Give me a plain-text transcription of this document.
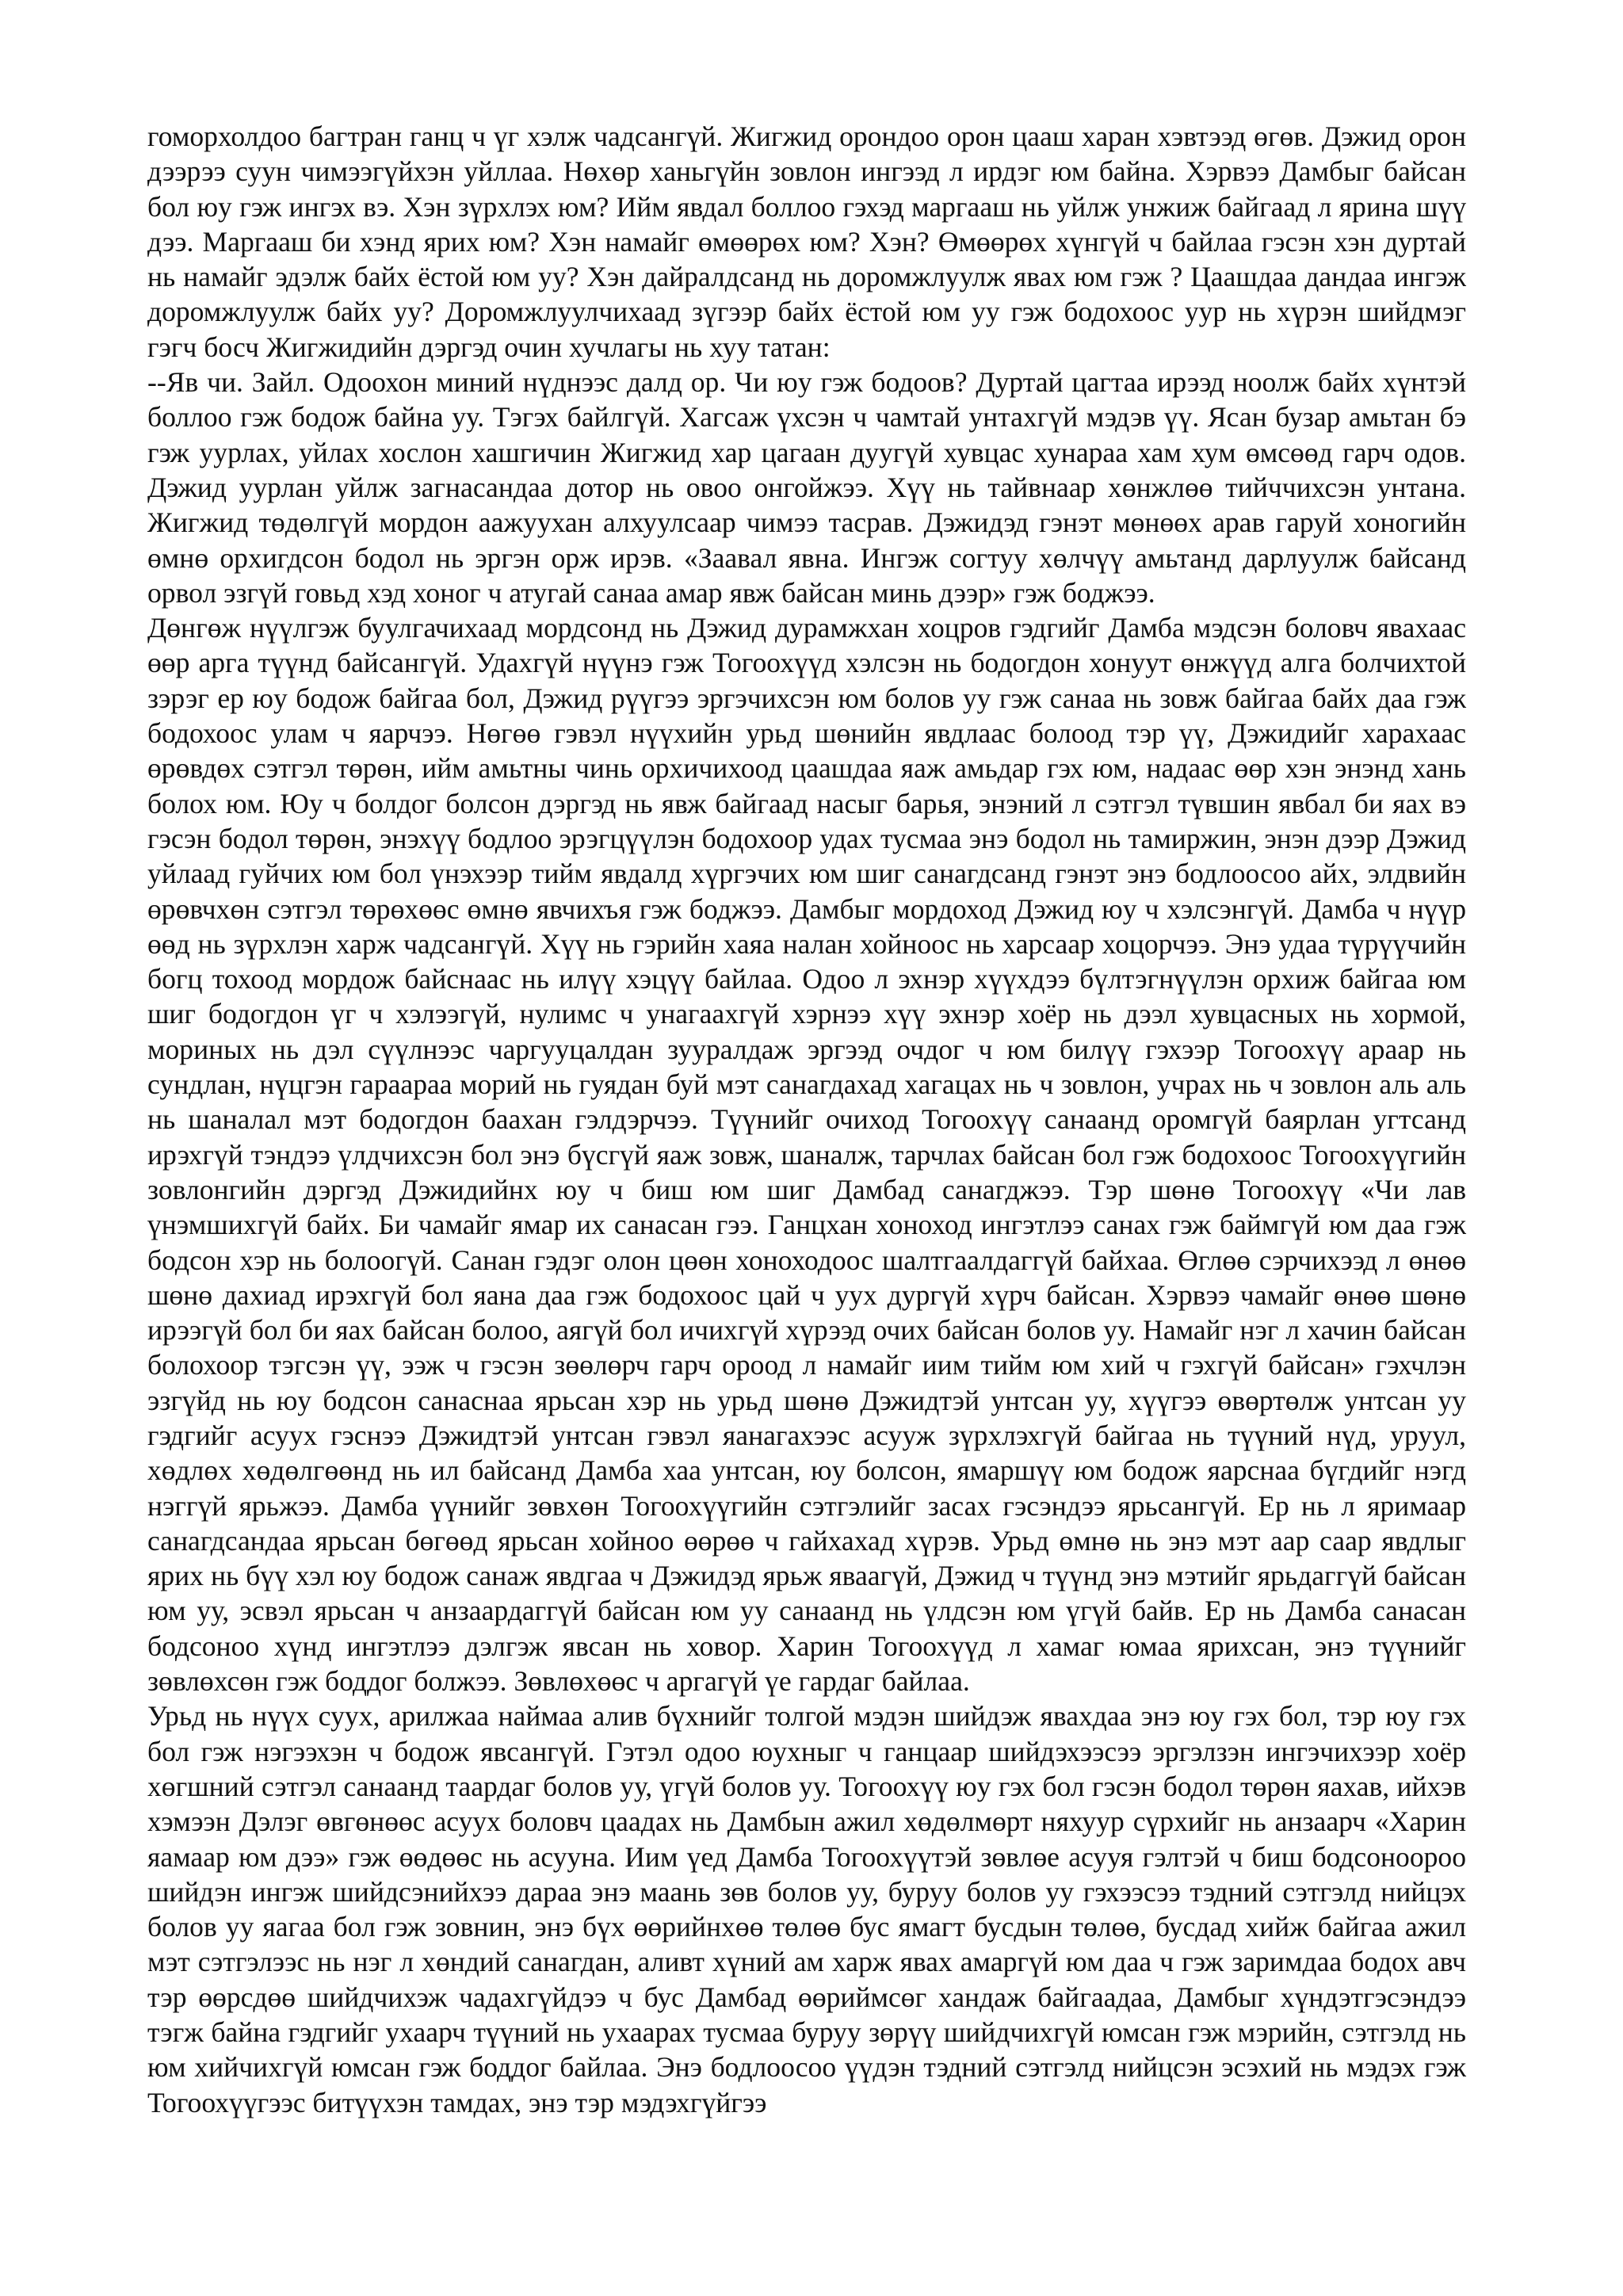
гоморхолдоо багтран ганц ч үг хэлж чадсангүй. Жигжид орондоо орон цааш харан хэвтээд өгөв. Дэжид орон дээрээ суун чимээгүйхэн уйллаа. Нөхөр ханьгүйн зовлон ингээд л ирдэг юм байна. Хэрвээ Дамбыг байсан бол юу гэж ингэх вэ. Хэн зүрхлэх юм? Ийм явдал боллоо гэхэд маргааш нь уйлж унжиж байгаад л ярина шүү дээ. Маргааш би хэнд ярих юм? Хэн намайг өмөөрөх юм? Хэн? Өмөөрөх хүнгүй ч байлаа гэсэн хэн дуртай нь намайг эдэлж байх ёстой юм уу? Хэн дайралдсанд нь доромжлуулж явах юм гэж ? Цаашдаа дандаа ингэж доромжлуулж байх уу? Доромжлуулчихаад зүгээр байх ёстой юм уу гэж бодохоос уур нь хүрэн шийдмэг гэгч босч Жигжидийн дэргэд очин хучлагы нь хуу татан:

--Яв чи. Зайл. Одоохон миний нүднээс далд ор. Чи юу гэж бодоов? Дуртай цагтаа ирээд ноолж байх хүнтэй боллоо гэж бодож байна уу. Тэгэх байлгүй. Хагсаж үхсэн ч чамтай унтахгүй мэдэв үү. Ясан бузар амьтан бэ гэж уурлах, уйлах хослон хашгичин Жигжид хар цагаан дуугүй хувцас хунараа хам хум өмсөөд гарч одов. Дэжид уурлан уйлж загнасандаа дотор нь овоо онгойжээ. Хүү нь тайвнаар хөнжлөө тийччихсэн унтана. Жигжид төдөлгүй мордон аажуухан алхуулсаар чимээ тасрав. Дэжидэд гэнэт мөнөөх арав гаруй хоногийн өмнө орхигдсон бодол нь эргэн орж ирэв. «Заавал явна. Ингэж согтуу хөлчүү амьтанд дарлуулж байсанд орвол эзгүй говьд хэд хоног ч атугай санаа амар явж байсан минь дээр» гэж боджээ.

Дөнгөж нүүлгэж буулгачихаад мордсонд нь Дэжид дурамжхан хоцров гэдгийг Дамба мэдсэн боловч явахаас өөр арга түүнд байсангүй. Удахгүй нүүнэ гэж Тогоохүүд хэлсэн нь бодогдон хонуут өнжүүд алга болчихтой зэрэг ер юу бодож байгаа бол, Дэжид рүүгээ эргэчихсэн юм болов уу гэж санаа нь зовж байгаа байх даа гэж бодохоос улам ч яарчээ. Нөгөө гэвэл нүүхийн урьд шөнийн явдлаас болоод тэр үү, Дэжидийг харахаас өрөвдөх сэтгэл төрөн, ийм амьтны чинь орхичихоод цаашдаа яаж амьдар гэх юм, надаас өөр хэн энэнд хань болох юм. Юу ч болдог болсон дэргэд нь явж байгаад насыг барья, энэний л сэтгэл түвшин явбал би яах вэ гэсэн бодол төрөн, энэхүү бодлоо эрэгцүүлэн бодохоор удах тусмаа энэ бодол нь тамиржин, энэн дээр Дэжид уйлаад гуйчих юм бол үнэхээр тийм явдалд хүргэчих юм шиг санагдсанд гэнэт энэ бодлоосоо айх, элдвийн өрөвчхөн сэтгэл төрөхөөс өмнө явчихъя гэж боджээ. Дамбыг мордоход Дэжид юу ч хэлсэнгүй. Дамба ч нүүр өөд нь зүрхлэн харж чадсангүй. Хүү нь гэрийн хаяа налан хойноос нь харсаар хоцорчээ. Энэ удаа түрүүчийн богц тохоод мордож байснаас нь илүү хэцүү байлаа. Одоо л эхнэр хүүхдээ бүлтэгнүүлэн орхиж байгаа юм шиг бодогдон үг ч хэлээгүй, нулимс ч унагаахгүй хэрнээ хүү эхнэр хоёр нь дээл хувцасных нь хормой, мориных нь дэл сүүлнээс чаргууцалдан зууралдаж эргээд очдог ч юм билүү гэхээр Тогоохүү араар нь сундлан, нүцгэн гараараа морий нь гуядан буй мэт санагдахад хагацах нь ч зовлон, учрах нь ч зовлон аль аль нь шаналал мэт бодогдон баахан гэлдэрчээ. Түүнийг очиход Тогоохүү санаанд оромгүй баярлан угтсанд ирэхгүй тэндээ үлдчихсэн бол энэ бүсгүй яаж зовж, шаналж, тарчлах байсан бол гэж бодохоос Тогоохүүгийн зовлонгийн дэргэд Дэжидийнх юу ч биш юм шиг Дамбад санагджээ. Тэр шөнө Тогоохүү «Чи лав үнэмшихгүй байх. Би чамайг ямар их санасан гээ. Ганцхан хоноход ингэтлээ санах гэж баймгүй юм даа гэж бодсон хэр нь болоогүй. Санан гэдэг олон цөөн хоноходоос шалтгаалдаггүй байхаа. Өглөө сэрчихээд л өнөө шөнө дахиад ирэхгүй бол яана даа гэж бодохоос цай ч уух дургүй хүрч байсан. Хэрвээ чамайг өнөө шөнө ирээгүй бол би яах байсан болоо, аягүй бол ичихгүй хүрээд очих байсан болов уу. Намайг нэг л хачин байсан болохоор тэгсэн үү, ээж ч гэсэн зөөлөрч гарч ороод л намайг иим тийм юм хий ч гэхгүй байсан» гэхчлэн эзгүйд нь юу бодсон санаснаа ярьсан хэр нь урьд шөнө Дэжидтэй унтсан уу, хүүгээ өвөртөлж унтсан уу гэдгийг асуух гэснээ Дэжидтэй унтсан гэвэл яанагахээс асууж зүрхлэхгүй байгаа нь түүний нүд, уруул, хөдлөх хөдөлгөөнд нь ил байсанд Дамба хаа унтсан, юу болсон, ямаршүү юм бодож яарснаа бүгдийг нэгд нэггүй ярьжээ. Дамба үүнийг зөвхөн Тогоохүүгийн сэтгэлийг засах гэсэндээ ярьсангүй. Ер нь л яримаар санагдсандаа ярьсан бөгөөд ярьсан хойноо өөрөө ч гайхахад хүрэв. Урьд өмнө нь энэ мэт аар саар явдлыг ярих нь бүү хэл юу бодож санаж явдгаа ч Дэжидэд ярьж яваагүй, Дэжид ч түүнд энэ мэтийг ярьдаггүй байсан юм уу, эсвэл ярьсан ч анзаардаггүй байсан юм уу санаанд нь үлдсэн юм үгүй байв. Ер нь Дамба санасан бодсоноо хүнд ингэтлээ дэлгэж явсан нь ховор. Харин Тогоохүүд л хамаг юмаа ярихсан, энэ түүнийг зөвлөхсөн гэж боддог болжээ. Зөвлөхөөс ч аргагүй үе гардаг байлаа.

Урьд нь нүүх суух, арилжаа наймаа алив бүхнийг толгой мэдэн шийдэж явахдаа энэ юу гэх бол, тэр юу гэх бол гэж нэгээхэн ч бодож явсангүй. Гэтэл одоо юухныг ч ганцаар шийдэхээсээ эргэлзэн ингэчихээр хоёр хөгшний сэтгэл санаанд таардаг болов уу, үгүй болов уу. Тогоохүү юу гэх бол гэсэн бодол төрөн яахав, ийхэв хэмээн Дэлэг өвгөнөөс асуух боловч цаадах нь Дамбын ажил хөдөлмөрт няхуур сүрхийг нь анзаарч «Харин яамаар юм дээ» гэж өөдөөс нь асууна. Иим үед Дамба Тогоохүүтэй зөвлөе асууя гэлтэй ч биш бодсоноороо шийдэн ингэж шийдсэнийхээ дараа энэ маань зөв болов уу, буруу болов уу гэхээсээ тэдний сэтгэлд нийцэх болов уу яагаа бол гэж зовнин, энэ бүх өөрийнхөө төлөө бус ямагт бусдын төлөө, бусдад хийж байгаа ажил мэт сэтгэлээс нь нэг л хөндий санагдан, аливт хүний ам харж явах амаргүй юм даа ч гэж заримдаа бодох авч тэр өөрсдөө шийдчихэж чадахгүйдээ ч бус Дамбад өөриймсөг хандаж байгаадаа, Дамбыг хүндэтгэсэндээ тэгж байна гэдгийг ухаарч түүний нь ухаарах тусмаа буруу зөрүү шийдчихгүй юмсан гэж мэрийн, сэтгэлд нь юм хийчихгүй юмсан гэж боддог байлаа. Энэ бодлоосоо үүдэн тэдний сэтгэлд нийцсэн эсэхий нь мэдэх гэж Тогоохүүгээс битүүхэн тамдах, энэ тэр мэдэхгүйгээ
